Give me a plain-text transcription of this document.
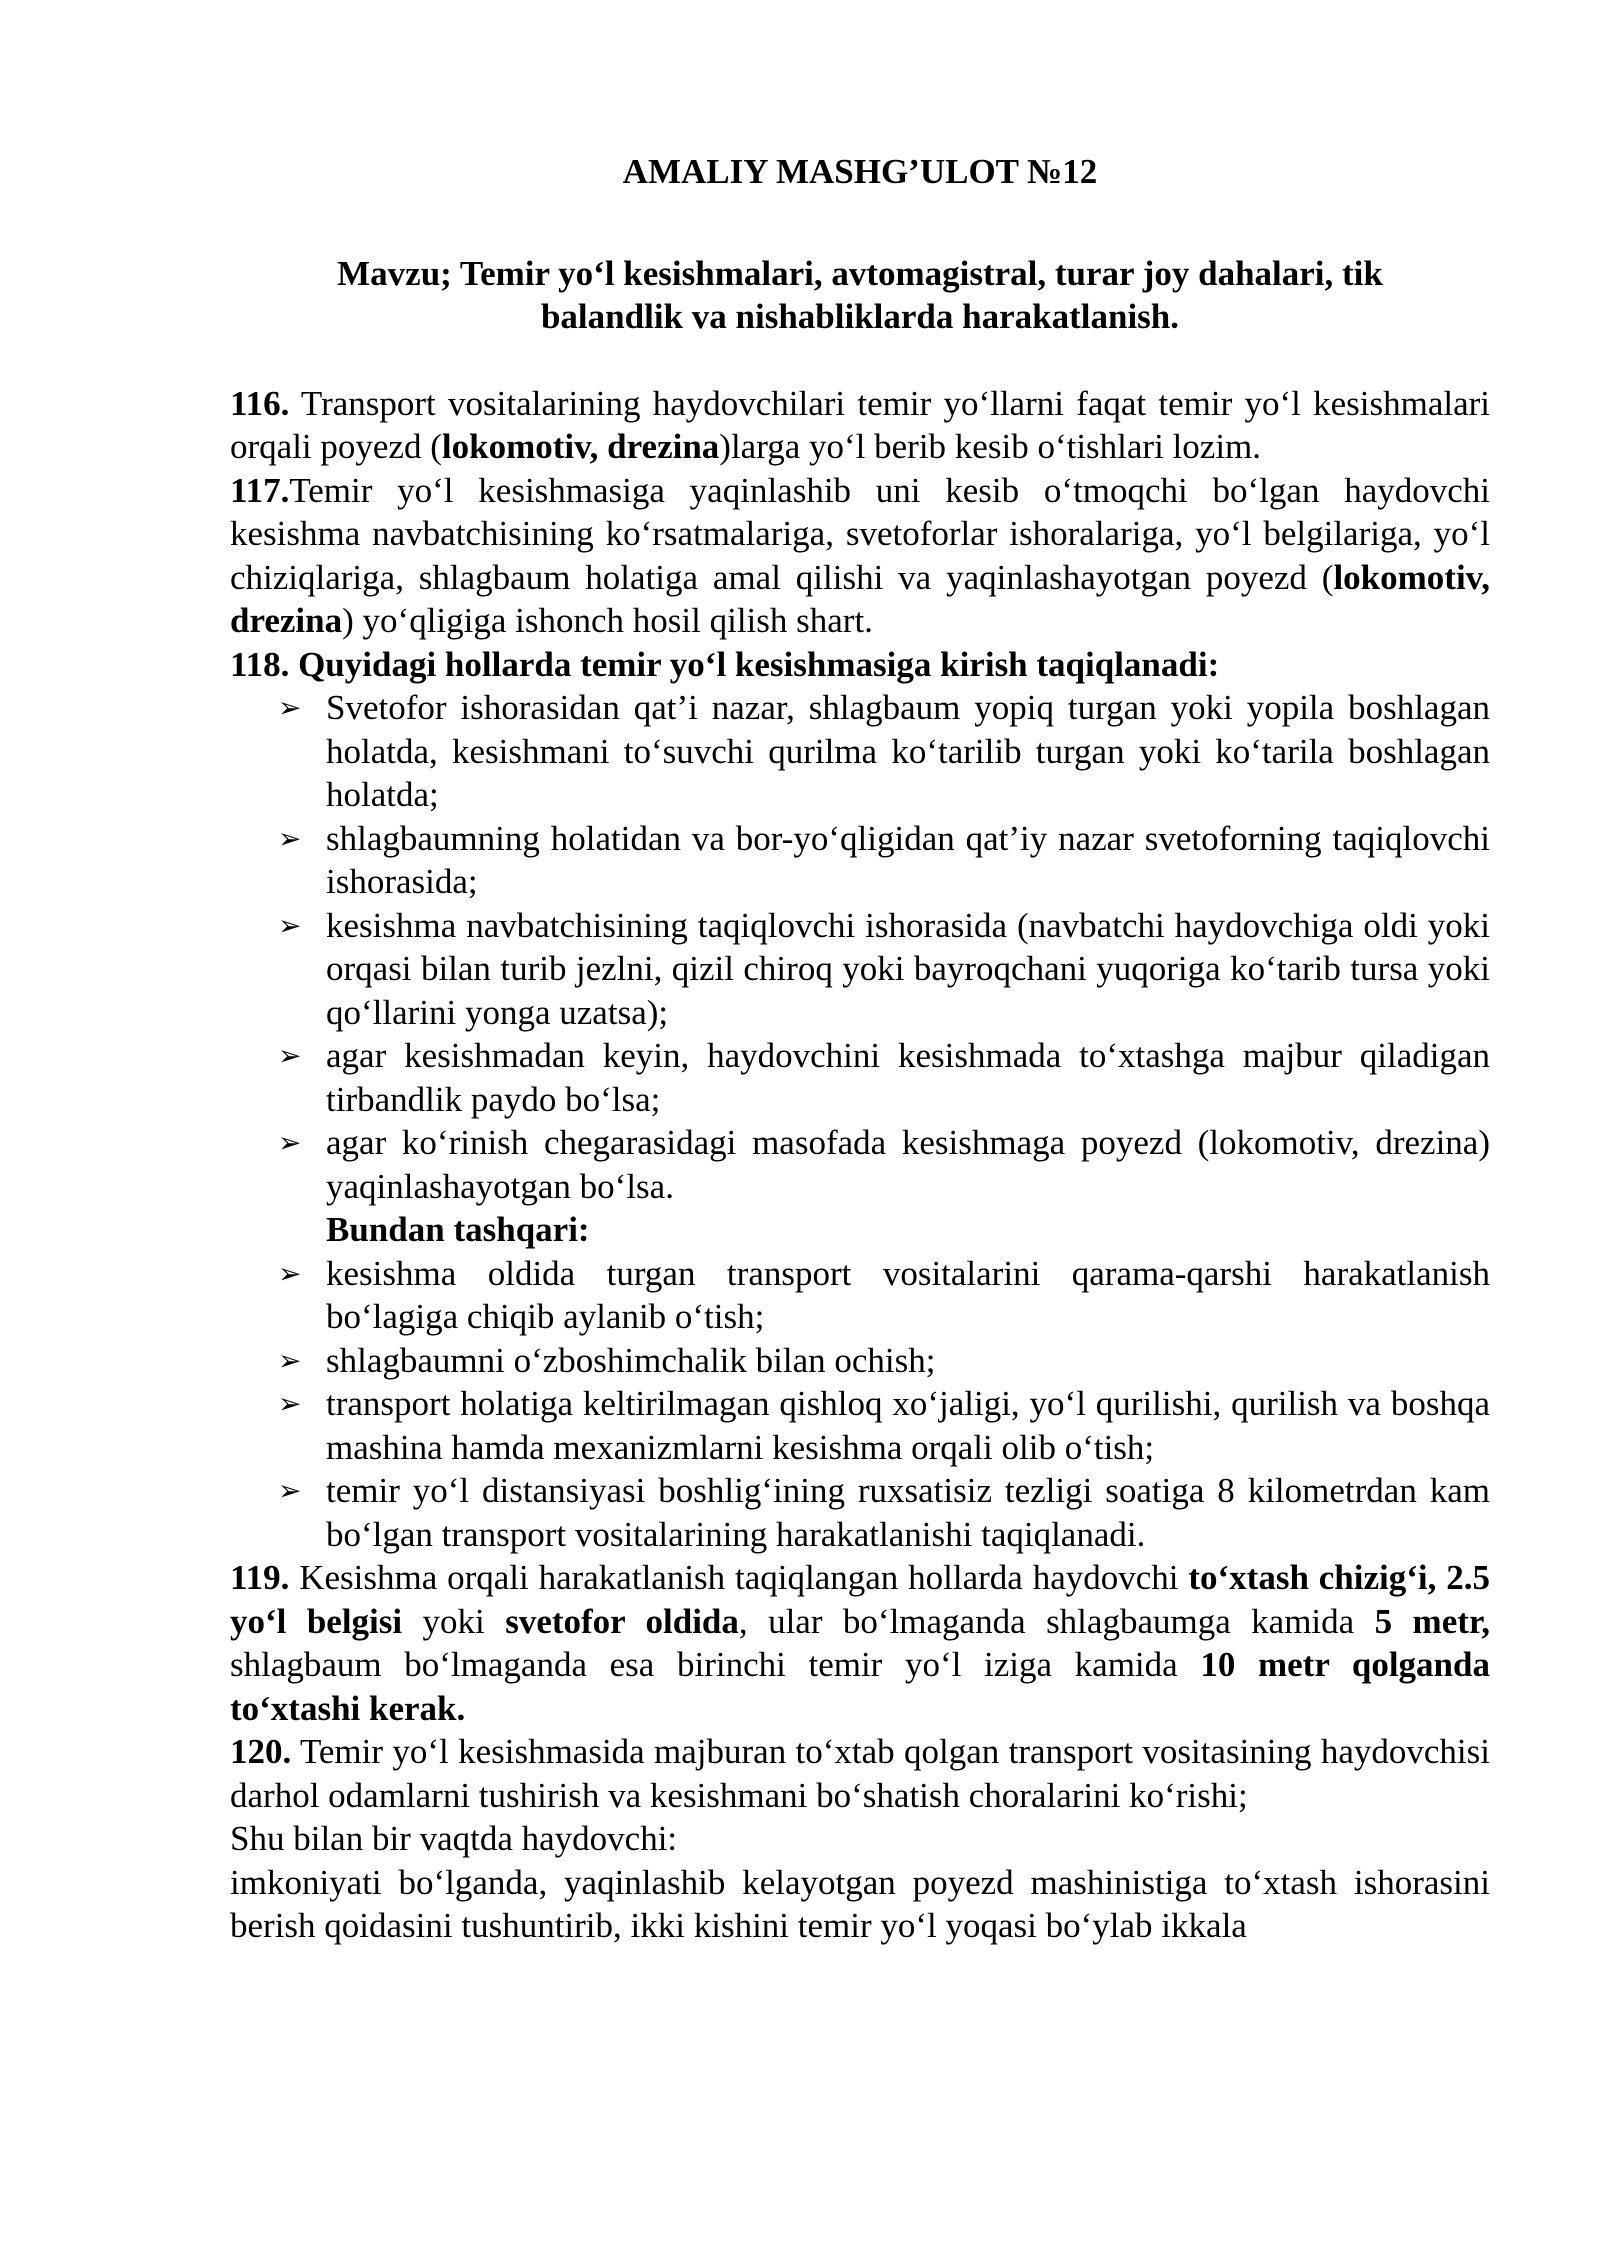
AMALIY MASHG’ULOT №12
Mavzu; Temir yo‘l kesishmalari, avtomagistral, turar joy dahalari, tik balandlik va nishabliklarda harakatlanish.

116. Transport vositalarining haydovchilari temir yo‘llarni faqat temir yo‘l kesishmalari orqali poyezd (lokomotiv, drezina)larga yo‘l berib kesib o‘tishlari lozim.

117.Temir yo‘l kesishmasiga yaqinlashib uni kesib o‘tmoqchi bo‘lgan haydovchi kesishma navbatchisining ko‘rsatmalariga, svetoforlar ishoralariga, yo‘l belgilariga, yo‘l chiziqlariga, shlagbaum holatiga amal qilishi va yaqinlashayotgan poyezd (lokomotiv, drezina) yo‘qligiga ishonch hosil qilish shart.

118. Quyidagi hollarda temir yo‘l kesishmasiga kirish taqiqlanadi:

➢ Svetofor ishorasidan qat’i nazar, shlagbaum yopiq turgan yoki yopila boshlagan holatda, kesishmani to‘suvchi qurilma ko‘tarilib turgan yoki ko‘tarila boshlagan holatda;
➢ shlagbaumning holatidan va bor-yo‘qligidan qat’iy nazar svetoforning taqiqlovchi ishorasida;
➢ kesishma navbatchisining taqiqlovchi ishorasida (navbatchi haydovchiga oldi yoki orqasi bilan turib jezlni, qizil chiroq yoki bayroqchani yuqoriga ko‘tarib tursa yoki qo‘llarini yonga uzatsa);
➢ agar kesishmadan keyin, haydovchini kesishmada to‘xtashga majbur qiladigan tirbandlik paydo bo‘lsa;
➢ agar ko‘rinish chegarasidagi masofada kesishmaga poyezd (lokomotiv, drezina) yaqinlashayotgan bo‘lsa.
Bundan tashqari:
➢ kesishma oldida turgan transport vositalarini qarama-qarshi harakatlanish bo‘lagiga chiqib aylanib o‘tish;
➢ shlagbaumni o‘zboshimchalik bilan ochish;
➢ transport holatiga keltirilmagan qishloq xo‘jaligi, yo‘l qurilishi, qurilish va boshqa mashina hamda mexanizmlarni kesishma orqali olib o‘tish;
➢ temir yo‘l distansiyasi boshlig‘ining ruxsatisiz tezligi soatiga 8 kilometrdan kam bo‘lgan transport vositalarining harakatlanishi taqiqlanadi.

119. Kesishma orqali harakatlanish taqiqlangan hollarda haydovchi to‘xtash chizig‘i, 2.5 yo‘l belgisi yoki svetofor oldida, ular bo‘lmaganda shlagbaumga kamida 5 metr, shlagbaum bo‘lmaganda esa birinchi temir yo‘l iziga kamida 10 metr qolganda to‘xtashi kerak.

120. Temir yo‘l kesishmasida majburan to‘xtab qolgan transport vositasining haydovchisi darhol odamlarni tushirish va kesishmani bo‘shatish choralarini ko‘rishi;

Shu bilan bir vaqtda haydovchi:

imkoniyati bo‘lganda, yaqinlashib kelayotgan poyezd mashinistiga to‘xtash ishorasini berish qoidasini tushuntirib, ikki kishini temir yo‘l yoqasi bo‘ylab ikkala
